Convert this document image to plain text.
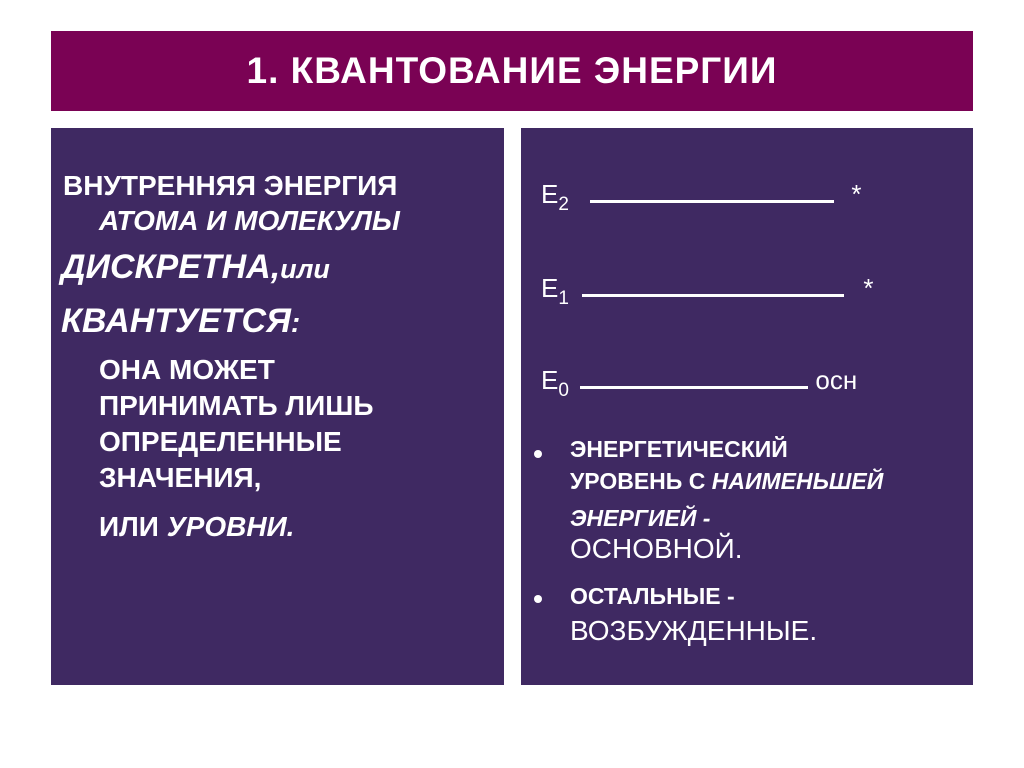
1. КВАНТОВАНИЕ ЭНЕРГИИ
ВНУТРЕННЯЯ ЭНЕРГИЯ
АТОМА И МОЛЕКУЛЫ
ДИСКРЕТНА,или
КВАНТУЕТСЯ:
ОНА МОЖЕТ
ПРИНИМАТЬ ЛИШЬ
ОПРЕДЕЛЕННЫЕ
ЗНАЧЕНИЯ,
ИЛИ УРОВНИ.
$E_2$	*
$E_1$	*
$E_0$	осн
ЭНЕРГЕТИЧЕСКИЙ
УРОВЕНЬ С НАИМЕНЬШЕЙ
ЭНЕРГИЕЙ -
ОСНОВНОЙ.
ОСТАЛЬНЫЕ -
ВОЗБУЖДЕННЫЕ.
